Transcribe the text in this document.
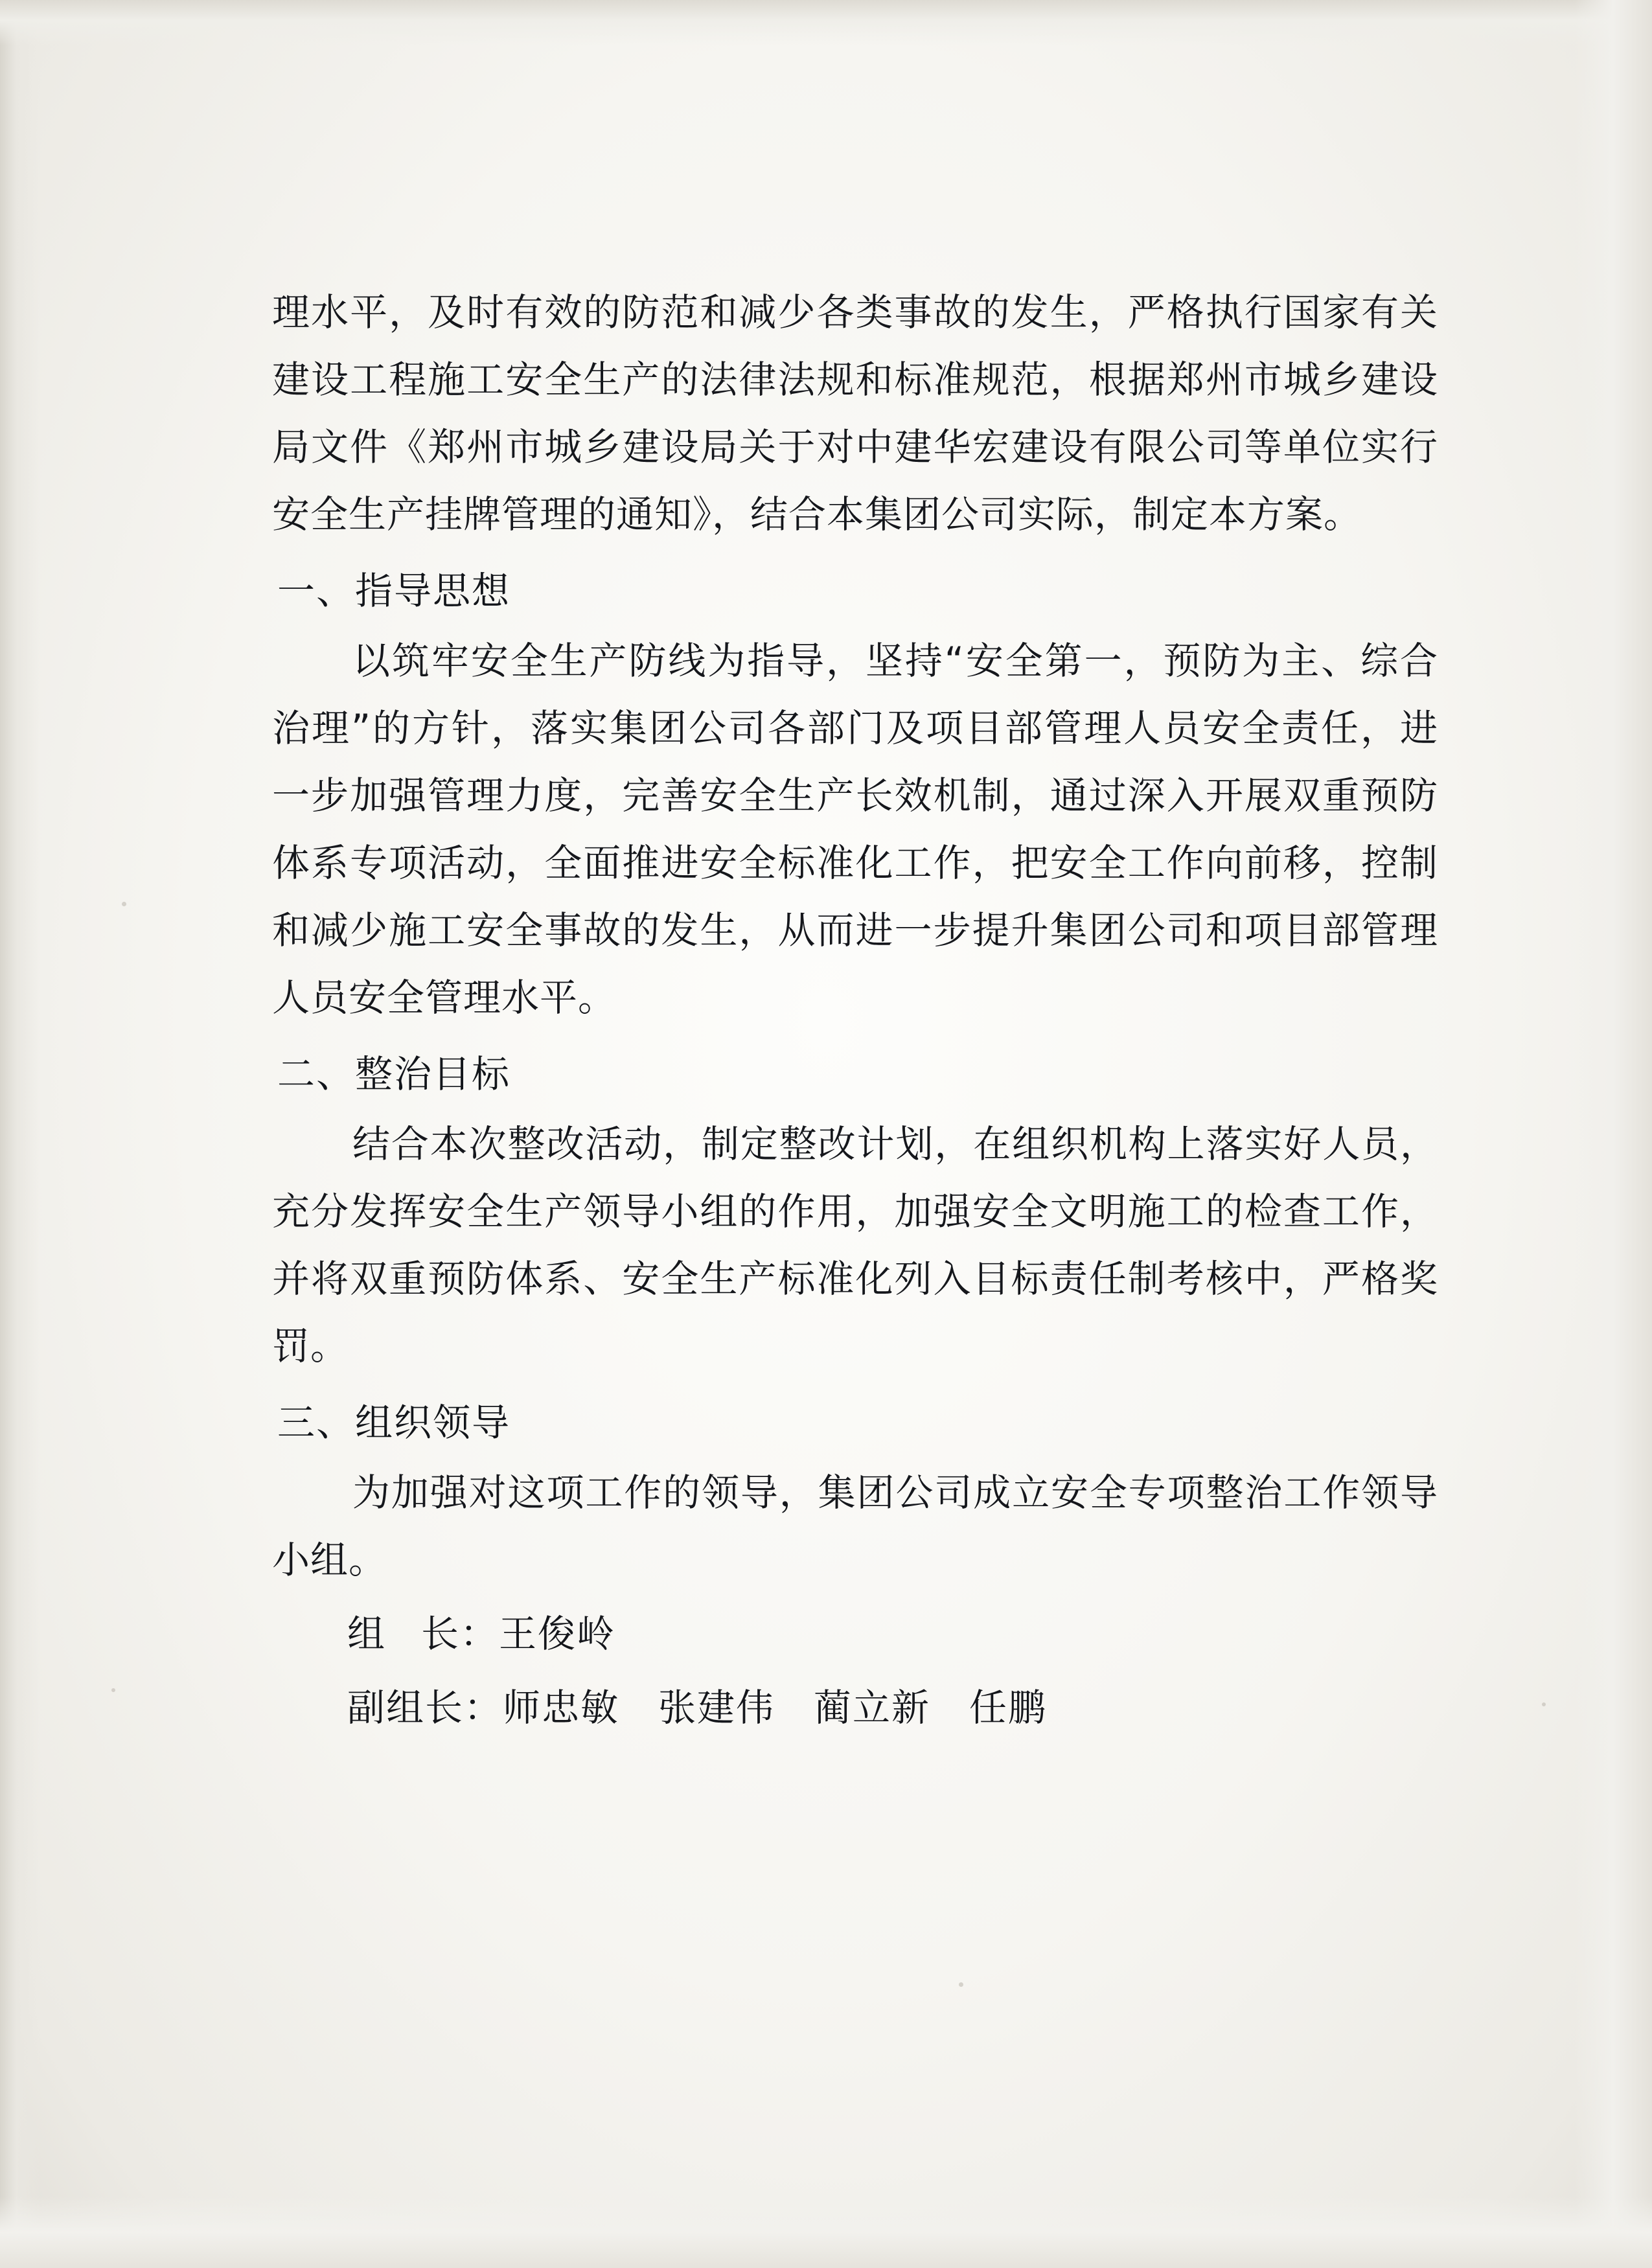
理水平，及时有效的防范和减少各类事故的发生，严格执行国家有关建设工程施工安全生产的法律法规和标准规范，根据郑州市城乡建设局文件《郑州市城乡建设局关于对中建华宏建设有限公司等单位实行安全生产挂牌管理的通知》，结合本集团公司实际，制定本方案。

一、指导思想

以筑牢安全生产防线为指导，坚持“安全第一，预防为主、综合治理”的方针，落实集团公司各部门及项目部管理人员安全责任，进一步加强管理力度，完善安全生产长效机制，通过深入开展双重预防体系专项活动，全面推进安全标准化工作，把安全工作向前移，控制和减少施工安全事故的发生，从而进一步提升集团公司和项目部管理人员安全管理水平。

二、整治目标

结合本次整改活动，制定整改计划，在组织机构上落实好人员，充分发挥安全生产领导小组的作用，加强安全文明施工的检查工作，并将双重预防体系、安全生产标准化列入目标责任制考核中，严格奖罚。

三、组织领导

为加强对这项工作的领导，集团公司成立安全专项整治工作领导小组。

组 长：王俊岭

副组长：师忠敏　张建伟　蔺立新　任鹏
